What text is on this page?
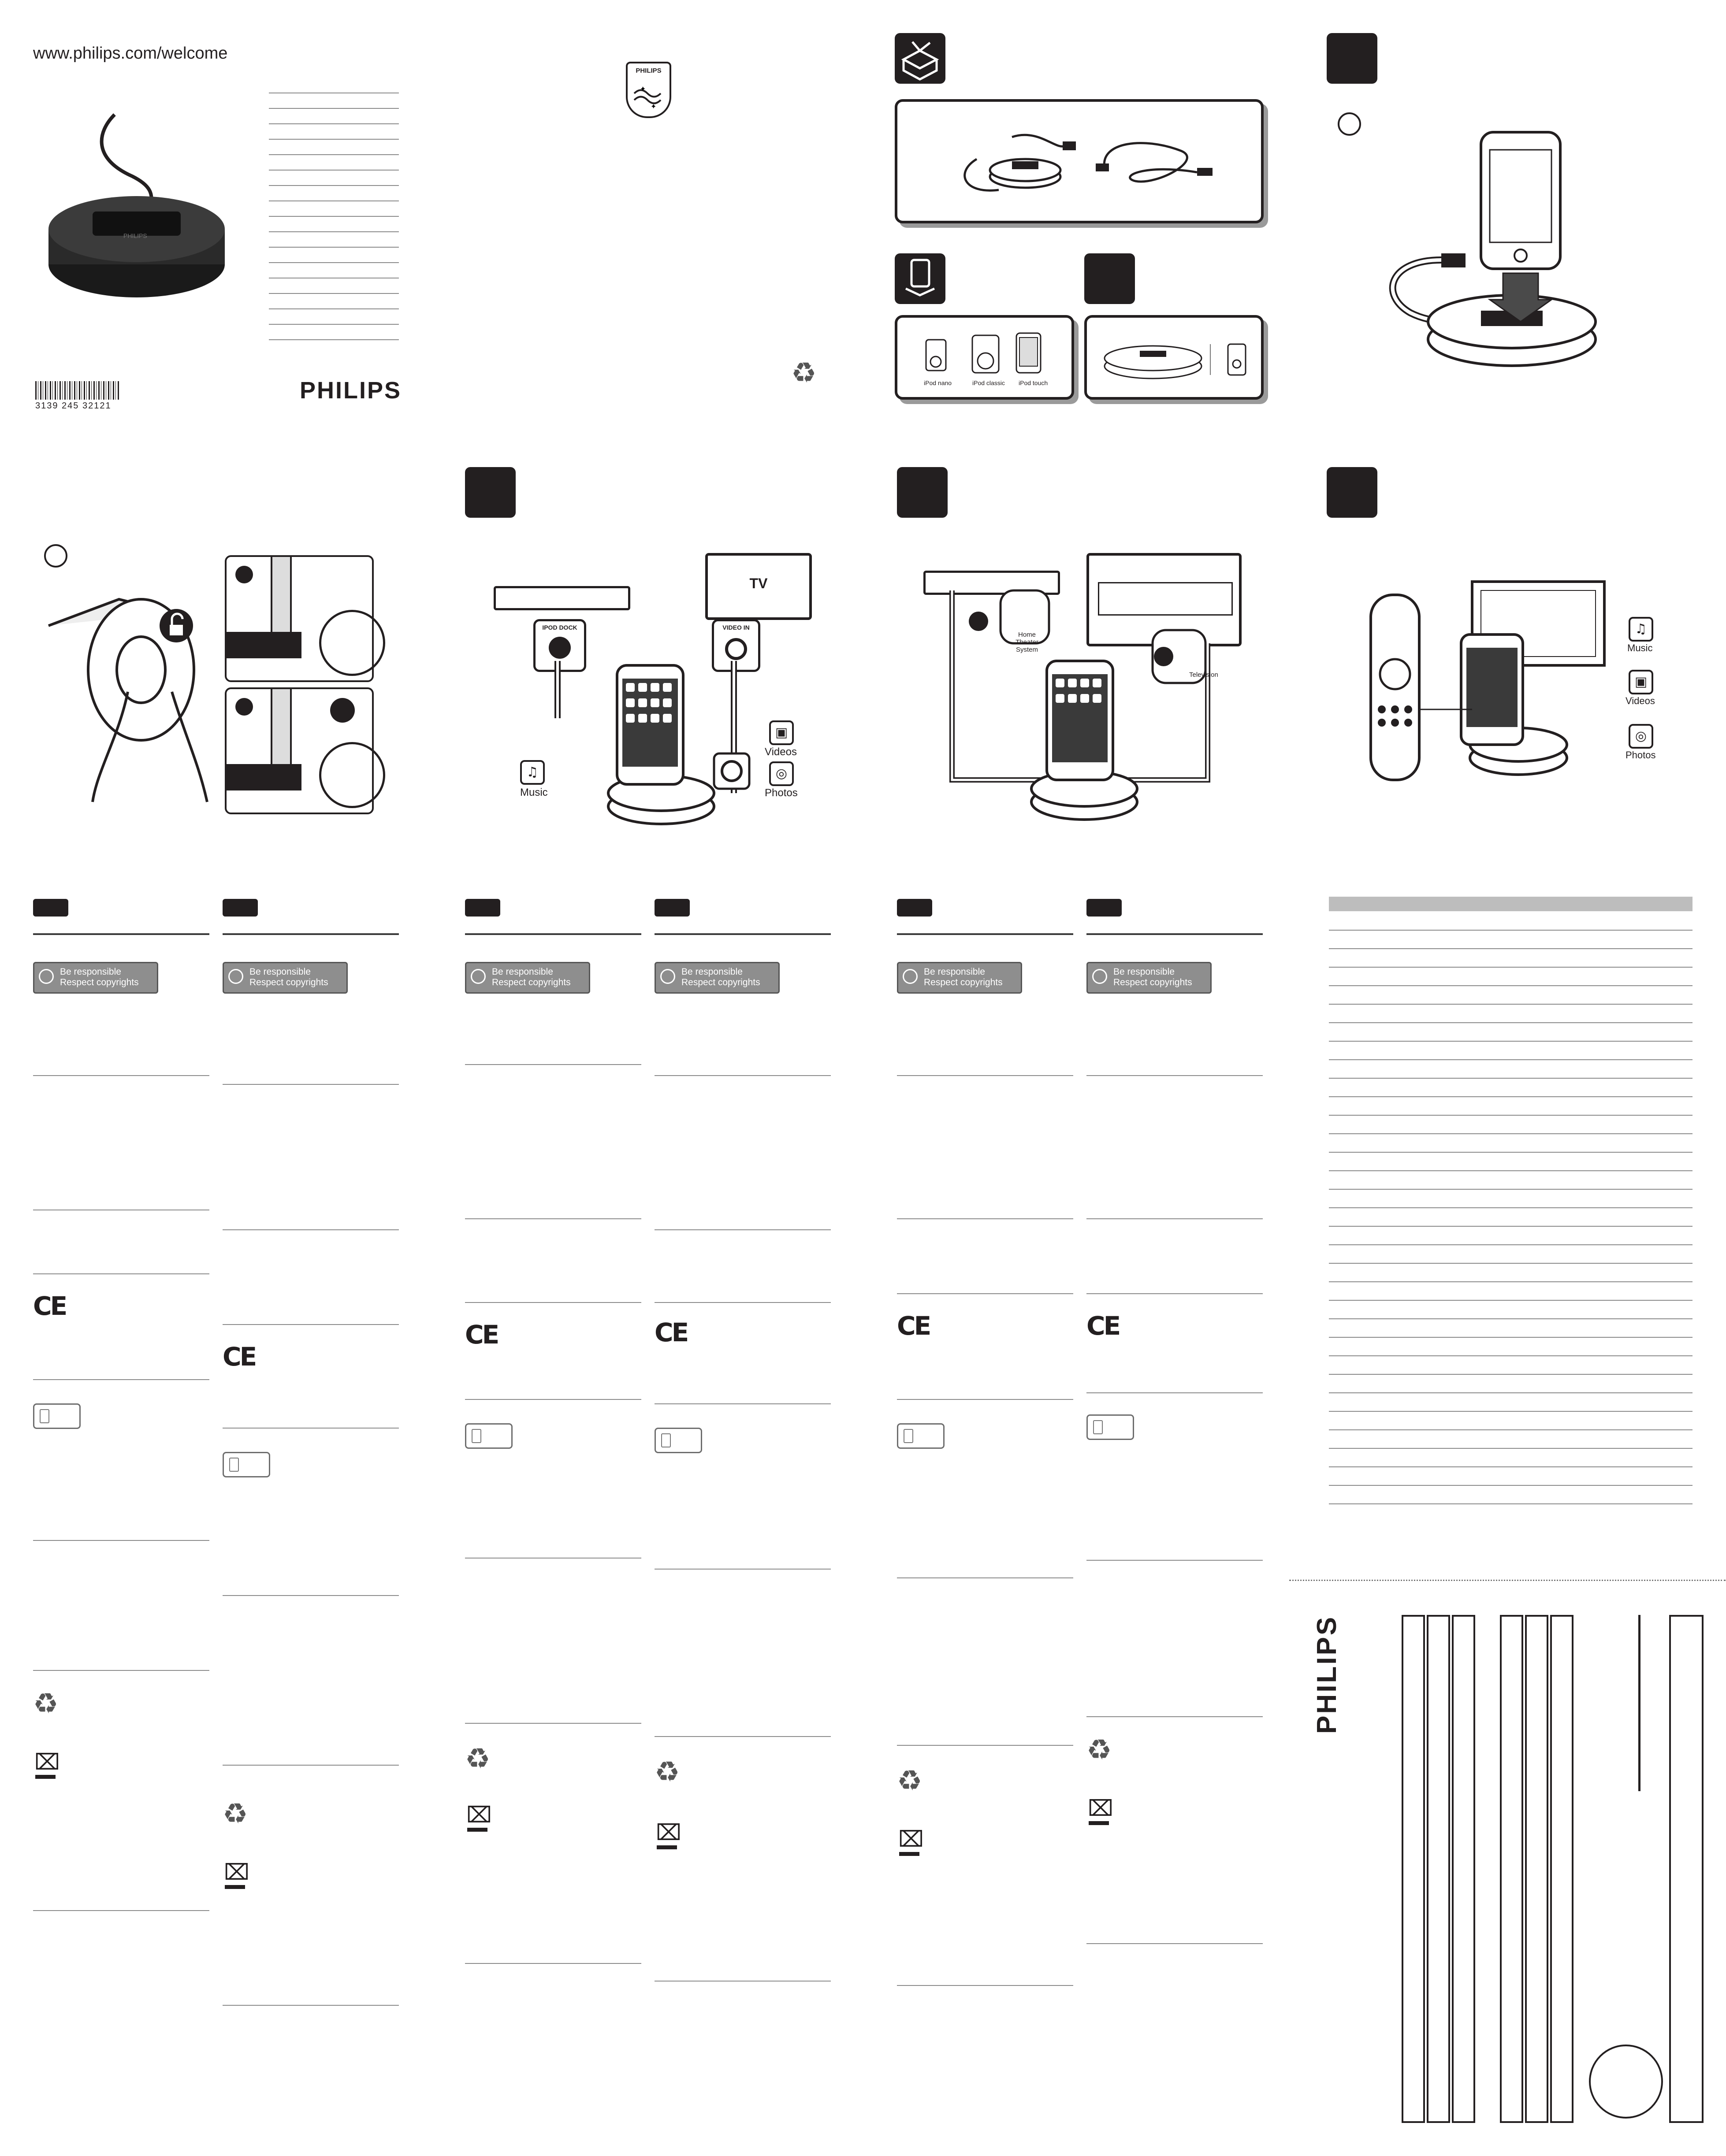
www.philips.com/welcome
PHILIPS
3139 245 32121
PHILIPS
PHILIPS
✦
✦
♻	iPod nano	iPod classic iPod touch
TV
IPOD DOCK	VIDEO IN
♫
Music
▣
Videos
◎
Photos
Home Theater System
Television
♫
Music
▣
Videos
◎
Photos
Be responsible
Respect copyrights
CE
♻
⌧
Be responsible
Respect copyrights
CE
♻
⌧
Be responsible
Respect copyrights
CE
♻
⌧
Be responsible
Respect copyrights
CE
♻
⌧
Be responsible
Respect copyrights
CE
♻
⌧
Be responsible
Respect copyrights
CE
♻
⌧
PHILIPS
